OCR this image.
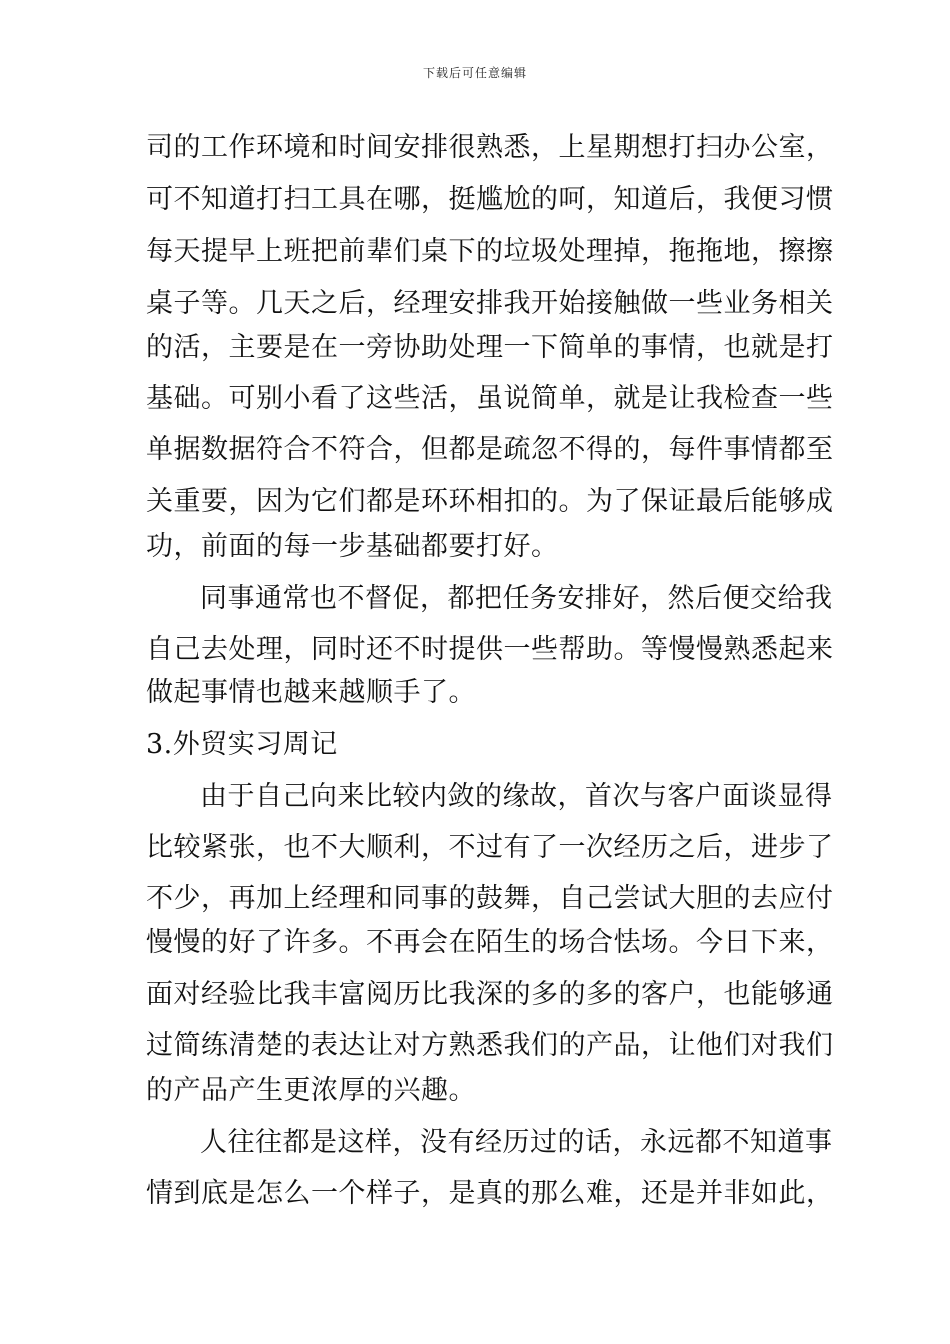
下载后可任意编辑
司的工作环境和时间安排很熟悉，上星期想打扫办公室，
可不知道打扫工具在哪，挺尴尬的呵，知道后，我便习惯
每天提早上班把前辈们桌下的垃圾处理掉，拖拖地，擦擦
桌子等。几天之后，经理安排我开始接触做一些业务相关
的活，主要是在一旁协助处理一下简单的事情，也就是打
基础。可别小看了这些活，虽说简单，就是让我检查一些
单据数据符合不符合，但都是疏忽不得的，每件事情都至
关重要，因为它们都是环环相扣的。为了保证最后能够成
功，前面的每一步基础都要打好。
同事通常也不督促，都把任务安排好，然后便交给我
自己去处理，同时还不时提供一些帮助。等慢慢熟悉起来
做起事情也越来越顺手了。
3.外贸实习周记
由于自己向来比较内敛的缘故，首次与客户面谈显得
比较紧张，也不大顺利，不过有了一次经历之后，进步了
不少，再加上经理和同事的鼓舞，自己尝试大胆的去应付
慢慢的好了许多。不再会在陌生的场合怯场。今日下来，
面对经验比我丰富阅历比我深的多的多的客户，也能够通
过简练清楚的表达让对方熟悉我们的产品，让他们对我们
的产品产生更浓厚的兴趣。
人往往都是这样，没有经历过的话，永远都不知道事
情到底是怎么一个样子，是真的那么难，还是并非如此，
